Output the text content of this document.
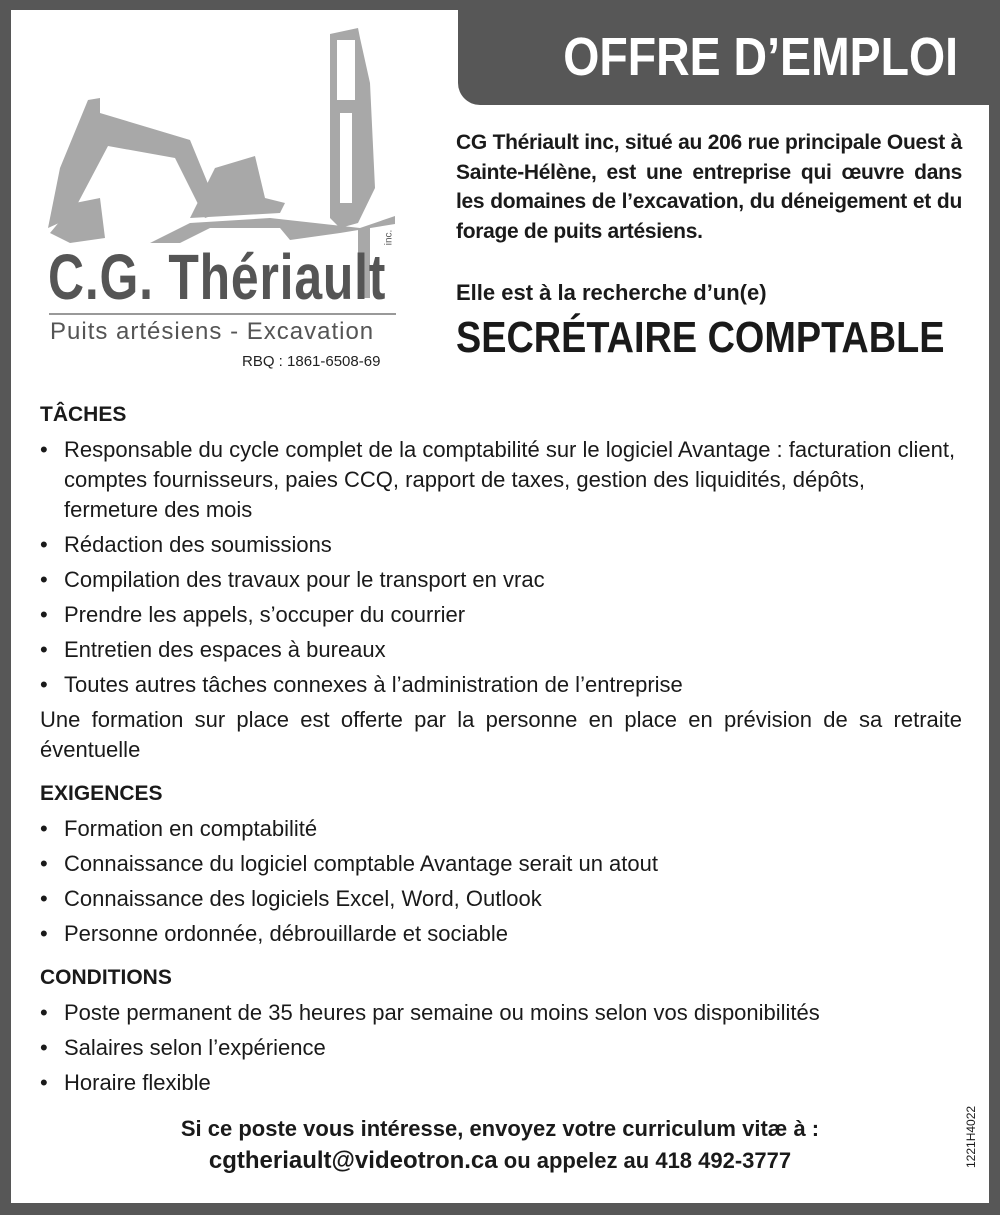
OFFRE D’EMPLOI
C.G. Thériault
inc.
Puits artésiens - Excavation
RBQ : 1861-6508-69

CG Thériault inc, situé au 206 rue principale Ouest à Sainte-Hélène, est une entreprise qui œuvre dans les domaines de l’excavation, du déneigement et du forage de puits artésiens.

Elle est à la recherche d’un(e)
SECRÉTAIRE COMPTABLE
TÂCHES
• Responsable du cycle complet de la comptabilité sur le logiciel Avantage : facturation client, comptes fournisseurs, paies CCQ, rapport de taxes, gestion des liquidités, dépôts, fermeture des mois
• Rédaction des soumissions
• Compilation des travaux pour le transport en vrac
• Prendre les appels, s’occuper du courrier
• Entretien des espaces à bureaux
• Toutes autres tâches connexes à l’administration de l’entreprise

Une formation sur place est offerte par la personne en place en prévision de sa retraite éventuelle

EXIGENCES
• Formation en comptabilité
• Connaissance du logiciel comptable Avantage serait un atout
• Connaissance des logiciels Excel, Word, Outlook
• Personne ordonnée, débrouillarde et sociable
CONDITIONS
• Poste permanent de 35 heures par semaine ou moins selon vos disponibilités
• Salaires selon l’expérience
• Horaire flexible
Si ce poste vous intéresse, envoyez votre curriculum vitæ à :
cgtheriault@videotron.ca ou appelez au 418 492-3777	1221H4022
